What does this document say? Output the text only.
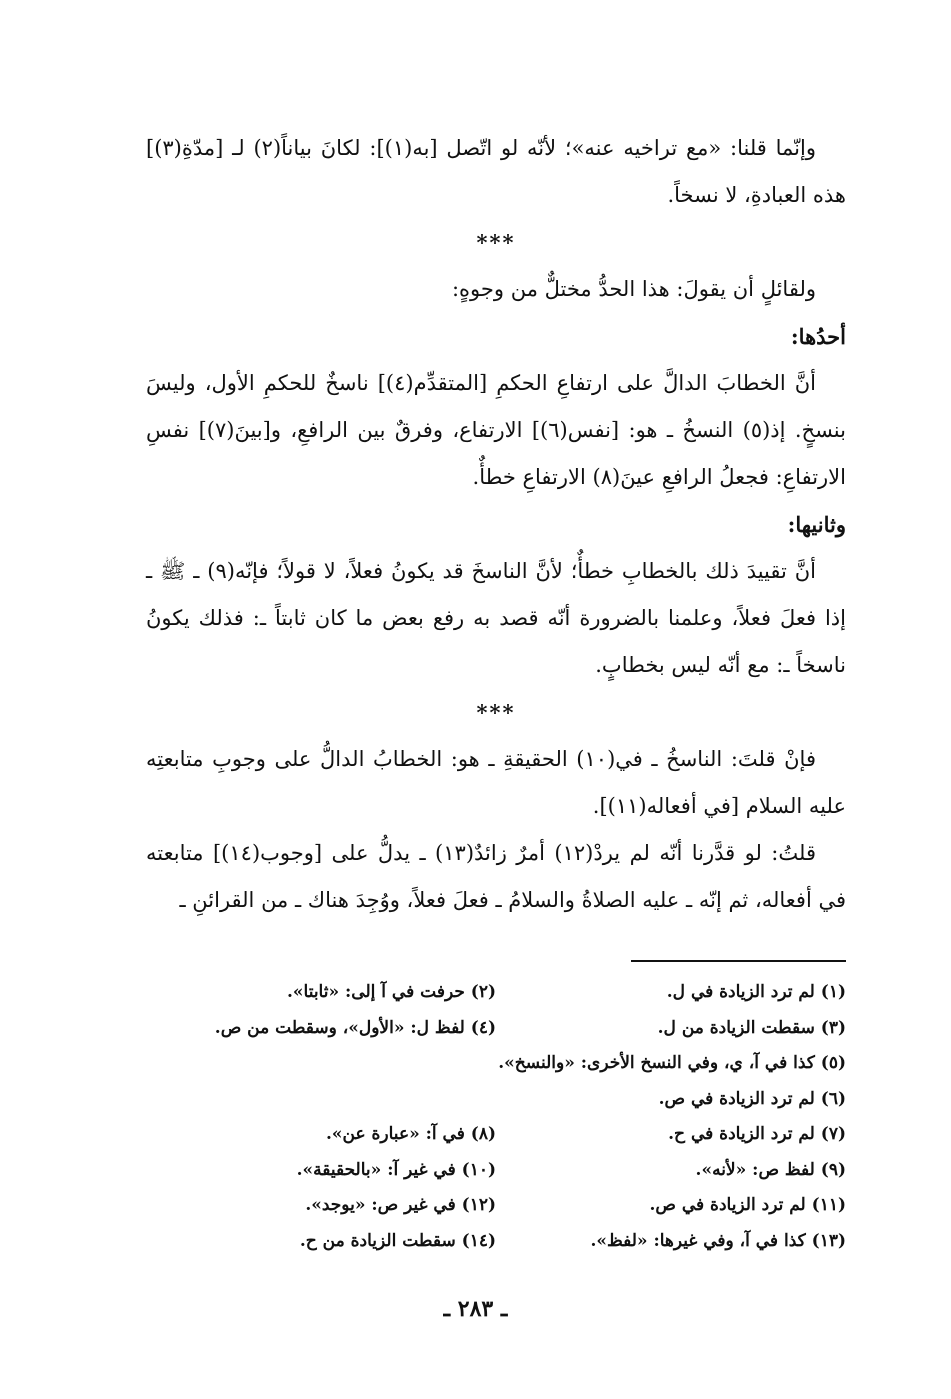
وإنّما قلنا: «مع تراخيه عنه»؛ لأنّه لو اتّصل [به(١)]: لكانَ بياناً(٢) لـ [مدّةِ(٣)] هذه العبادةِ، لا نسخاً.

***

ولقائلٍ أن يقولَ: هذا الحدُّ مختلٌّ من وجوهٍ:

أحدُها:

أنَّ الخطابَ الدالَّ على ارتفاعِ الحكمِ [المتقدِّم(٤)] ناسخٌ للحكمِ الأول، وليسَ بنسخٍ. إذ(٥) النسخُ ـ هو: [نفس(٦)] الارتفاع، وفرقٌ بين الرافعِ، و[بينَ(٧)] نفسِ الارتفاعِ: فجعلُ الرافعِ عينَ(٨) الارتفاعِ خطأٌ.

وثانيها:

أنَّ تقييدَ ذلك بالخطابِ خطأٌ؛ لأنَّ الناسخَ قد يكونُ فعلاً، لا قولاً؛ فإنّه(٩) ـ ﷺ ـ إذا فعلَ فعلاً، وعلمنا بالضرورة أنّه قصد به رفع بعض ما كان ثابتاً ـ: فذلك يكونُ ناسخاً ـ: مع أنّه ليس بخطابٍ.

***

فإنْ قلتَ: الناسخُ ـ في(١٠) الحقيقةِ ـ هو: الخطابُ الدالُّ على وجوبِ متابعتِه عليه السلام [في أفعاله(١١)].

قلتُ: لو قدَّرنا أنّه لم يردْ(١٢) أمرٌ زائدٌ(١٣) ـ يدلُّ على [وجوب(١٤)] متابعته في أفعاله، ثم إنّه ـ عليه الصلاةُ والسلامُ ـ فعلَ فعلاً، ووُجِدَ هناك ـ من القرائنِ ـ

(١) لم ترد الزيادة في ل.
(٢) حرفت في آ إلى: «ثابتا».
(٣) سقطت الزيادة من ل.
(٤) لفظ ل: «الأول»، وسقطت من ص.
(٥) كذا في آ، ي، وفي النسخ الأخرى: «والنسخ».
(٦) لم ترد الزيادة في ص.
(٧) لم ترد الزيادة في ح.
(٨) في آ: «عبارة عن».
(٩) لفظ ص: «لأنه».
(١٠) في غير آ: «بالحقيقة».
(١١) لم ترد الزيادة في ص.
(١٢) في غير ص: «يوجد».
(١٣) كذا في آ، وفي غيرها: «لفظ».
(١٤) سقطت الزيادة من ح.
ـ ٢٨٣ ـ
